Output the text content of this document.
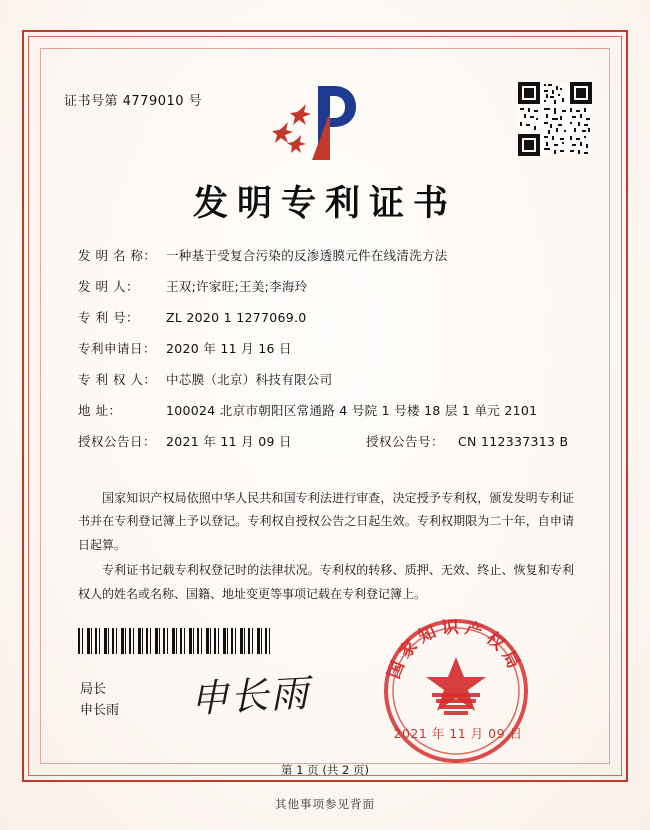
证书号第 4779010 号
发明专利证书
发 明 名 称： 一种基于受复合污染的反渗透膜元件在线清洗方法
发 明 人：	王双;许家旺;王美;李海玲
专 利 号：	ZL 2020 1 1277069.0
专利申请日： 2020 年 11 月 16 日
专 利 权 人： 中芯膜（北京）科技有限公司
地 址：	100024 北京市朝阳区常通路 4 号院 1 号楼 18 层 1 单元 2101
授权公告日： 2021 年 11 月 09 日	授权公告号：	CN 112337313 B

国家知识产权局依照中华人民共和国专利法进行审查，决定授予专利权，颁发发明专利证书并在专利登记簿上予以登记。专利权自授权公告之日起生效。专利权期限为二十年，自申请日起算。

专利证书记载专利权登记时的法律状况。专利权的转移、质押、无效、终止、恢复和专利权人的姓名或名称、国籍、地址变更等事项记载在专利登记簿上。

局长
申长雨 申长雨
国家知识产权局
2021 年 11 月 09 日
第 1 页 (共 2 页)
其他事项参见背面
